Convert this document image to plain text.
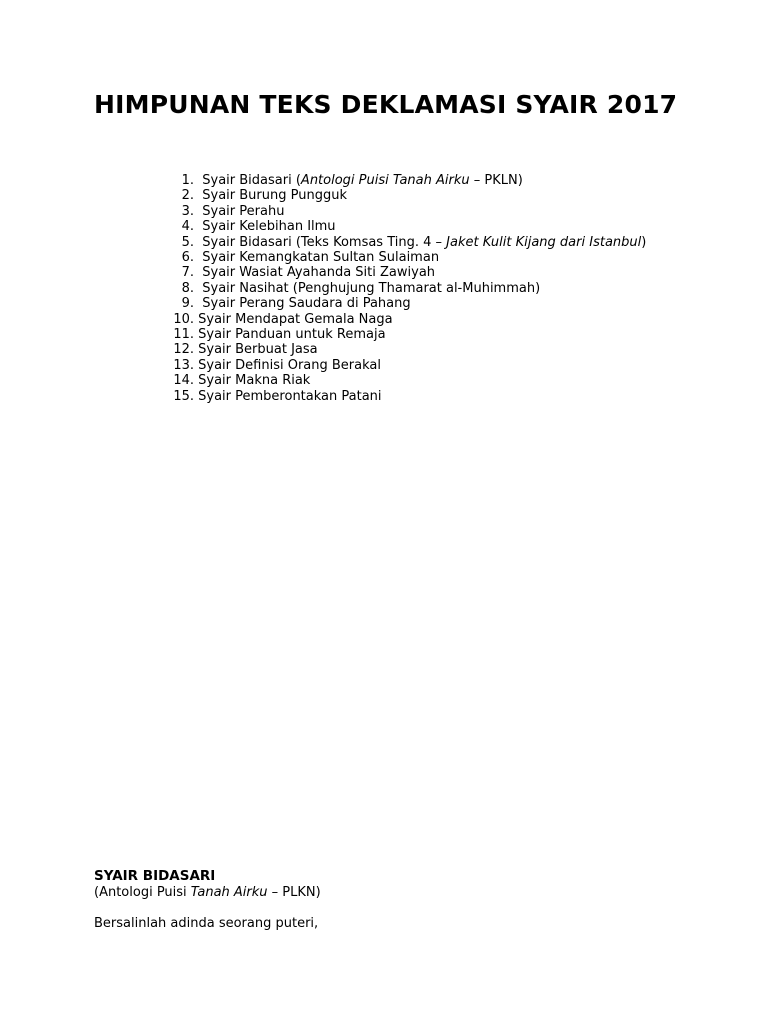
HIMPUNAN TEKS DEKLAMASI SYAIR 2017
1. Syair Bidasari (Antologi Puisi Tanah Airku – PKLN)
2. Syair Burung Pungguk
3. Syair Perahu
4. Syair Kelebihan Ilmu
5. Syair Bidasari (Teks Komsas Ting. 4 – Jaket Kulit Kijang dari Istanbul)
6. Syair Kemangkatan Sultan Sulaiman
7. Syair Wasiat Ayahanda Siti Zawiyah
8. Syair Nasihat (Penghujung Thamarat al-Muhimmah)
9. Syair Perang Saudara di Pahang
10. Syair Mendapat Gemala Naga
11. Syair Panduan untuk Remaja
12. Syair Berbuat Jasa
13. Syair Definisi Orang Berakal
14. Syair Makna Riak
15. Syair Pemberontakan Patani
SYAIR BIDASARI

(Antologi Puisi Tanah Airku – PLKN)

Bersalinlah adinda seorang puteri,
